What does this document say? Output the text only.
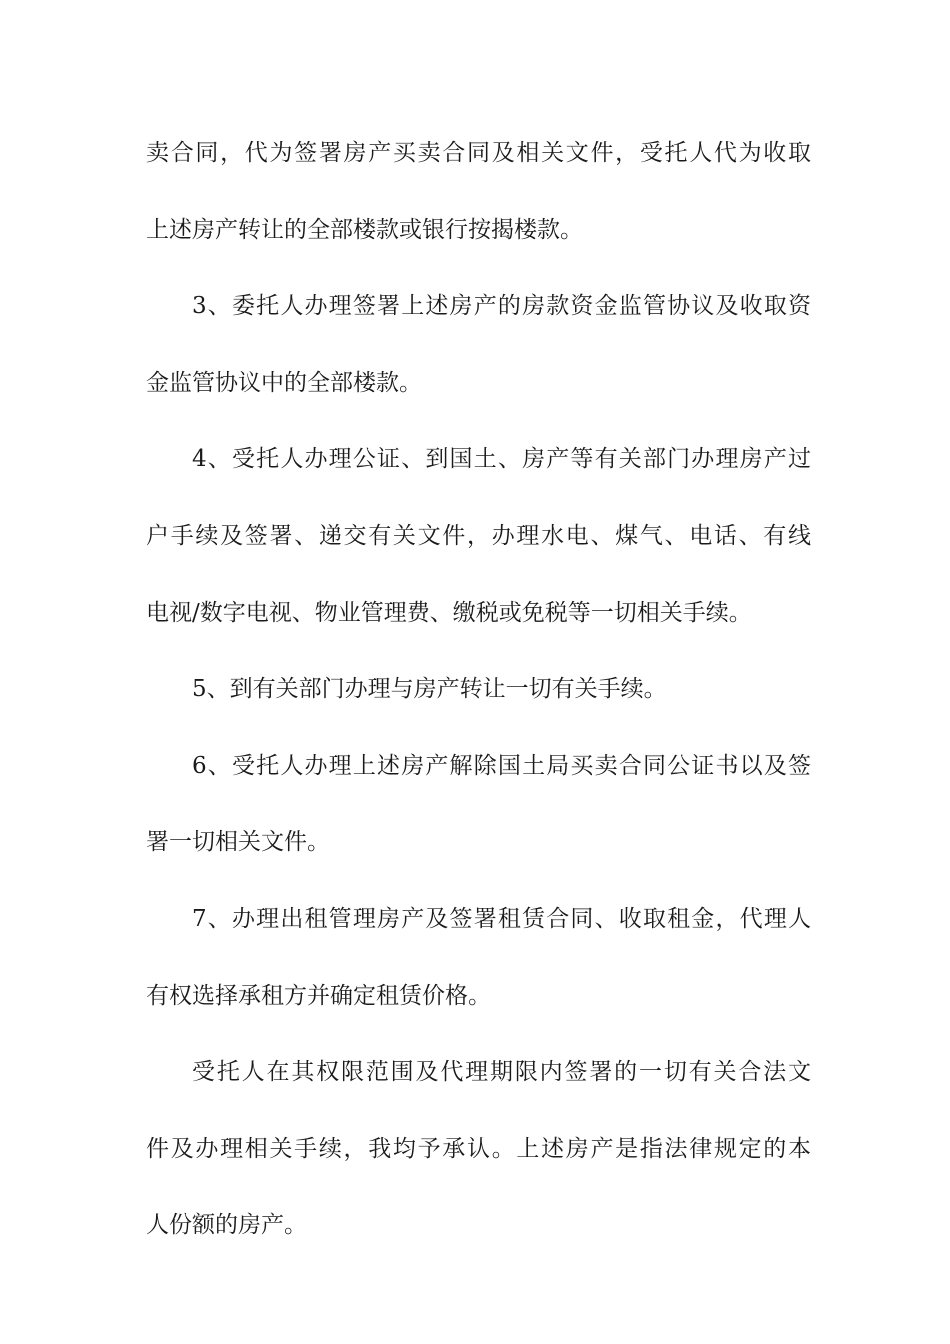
卖合同，代为签署房产买卖合同及相关文件，受托人代为收取
上述房产转让的全部楼款或银行按揭楼款。
3、委托人办理签署上述房产的房款资金监管协议及收取资
金监管协议中的全部楼款。
4、受托人办理公证、到国土、房产等有关部门办理房产过
户手续及签署、递交有关文件，办理水电、煤气、电话、有线
电视/数字电视、物业管理费、缴税或免税等一切相关手续。
5、到有关部门办理与房产转让一切有关手续。
6、受托人办理上述房产解除国土局买卖合同公证书以及签
署一切相关文件。
7、办理出租管理房产及签署租赁合同、收取租金，代理人
有权选择承租方并确定租赁价格。
受托人在其权限范围及代理期限内签署的一切有关合法文
件及办理相关手续，我均予承认。上述房产是指法律规定的本
人份额的房产。
